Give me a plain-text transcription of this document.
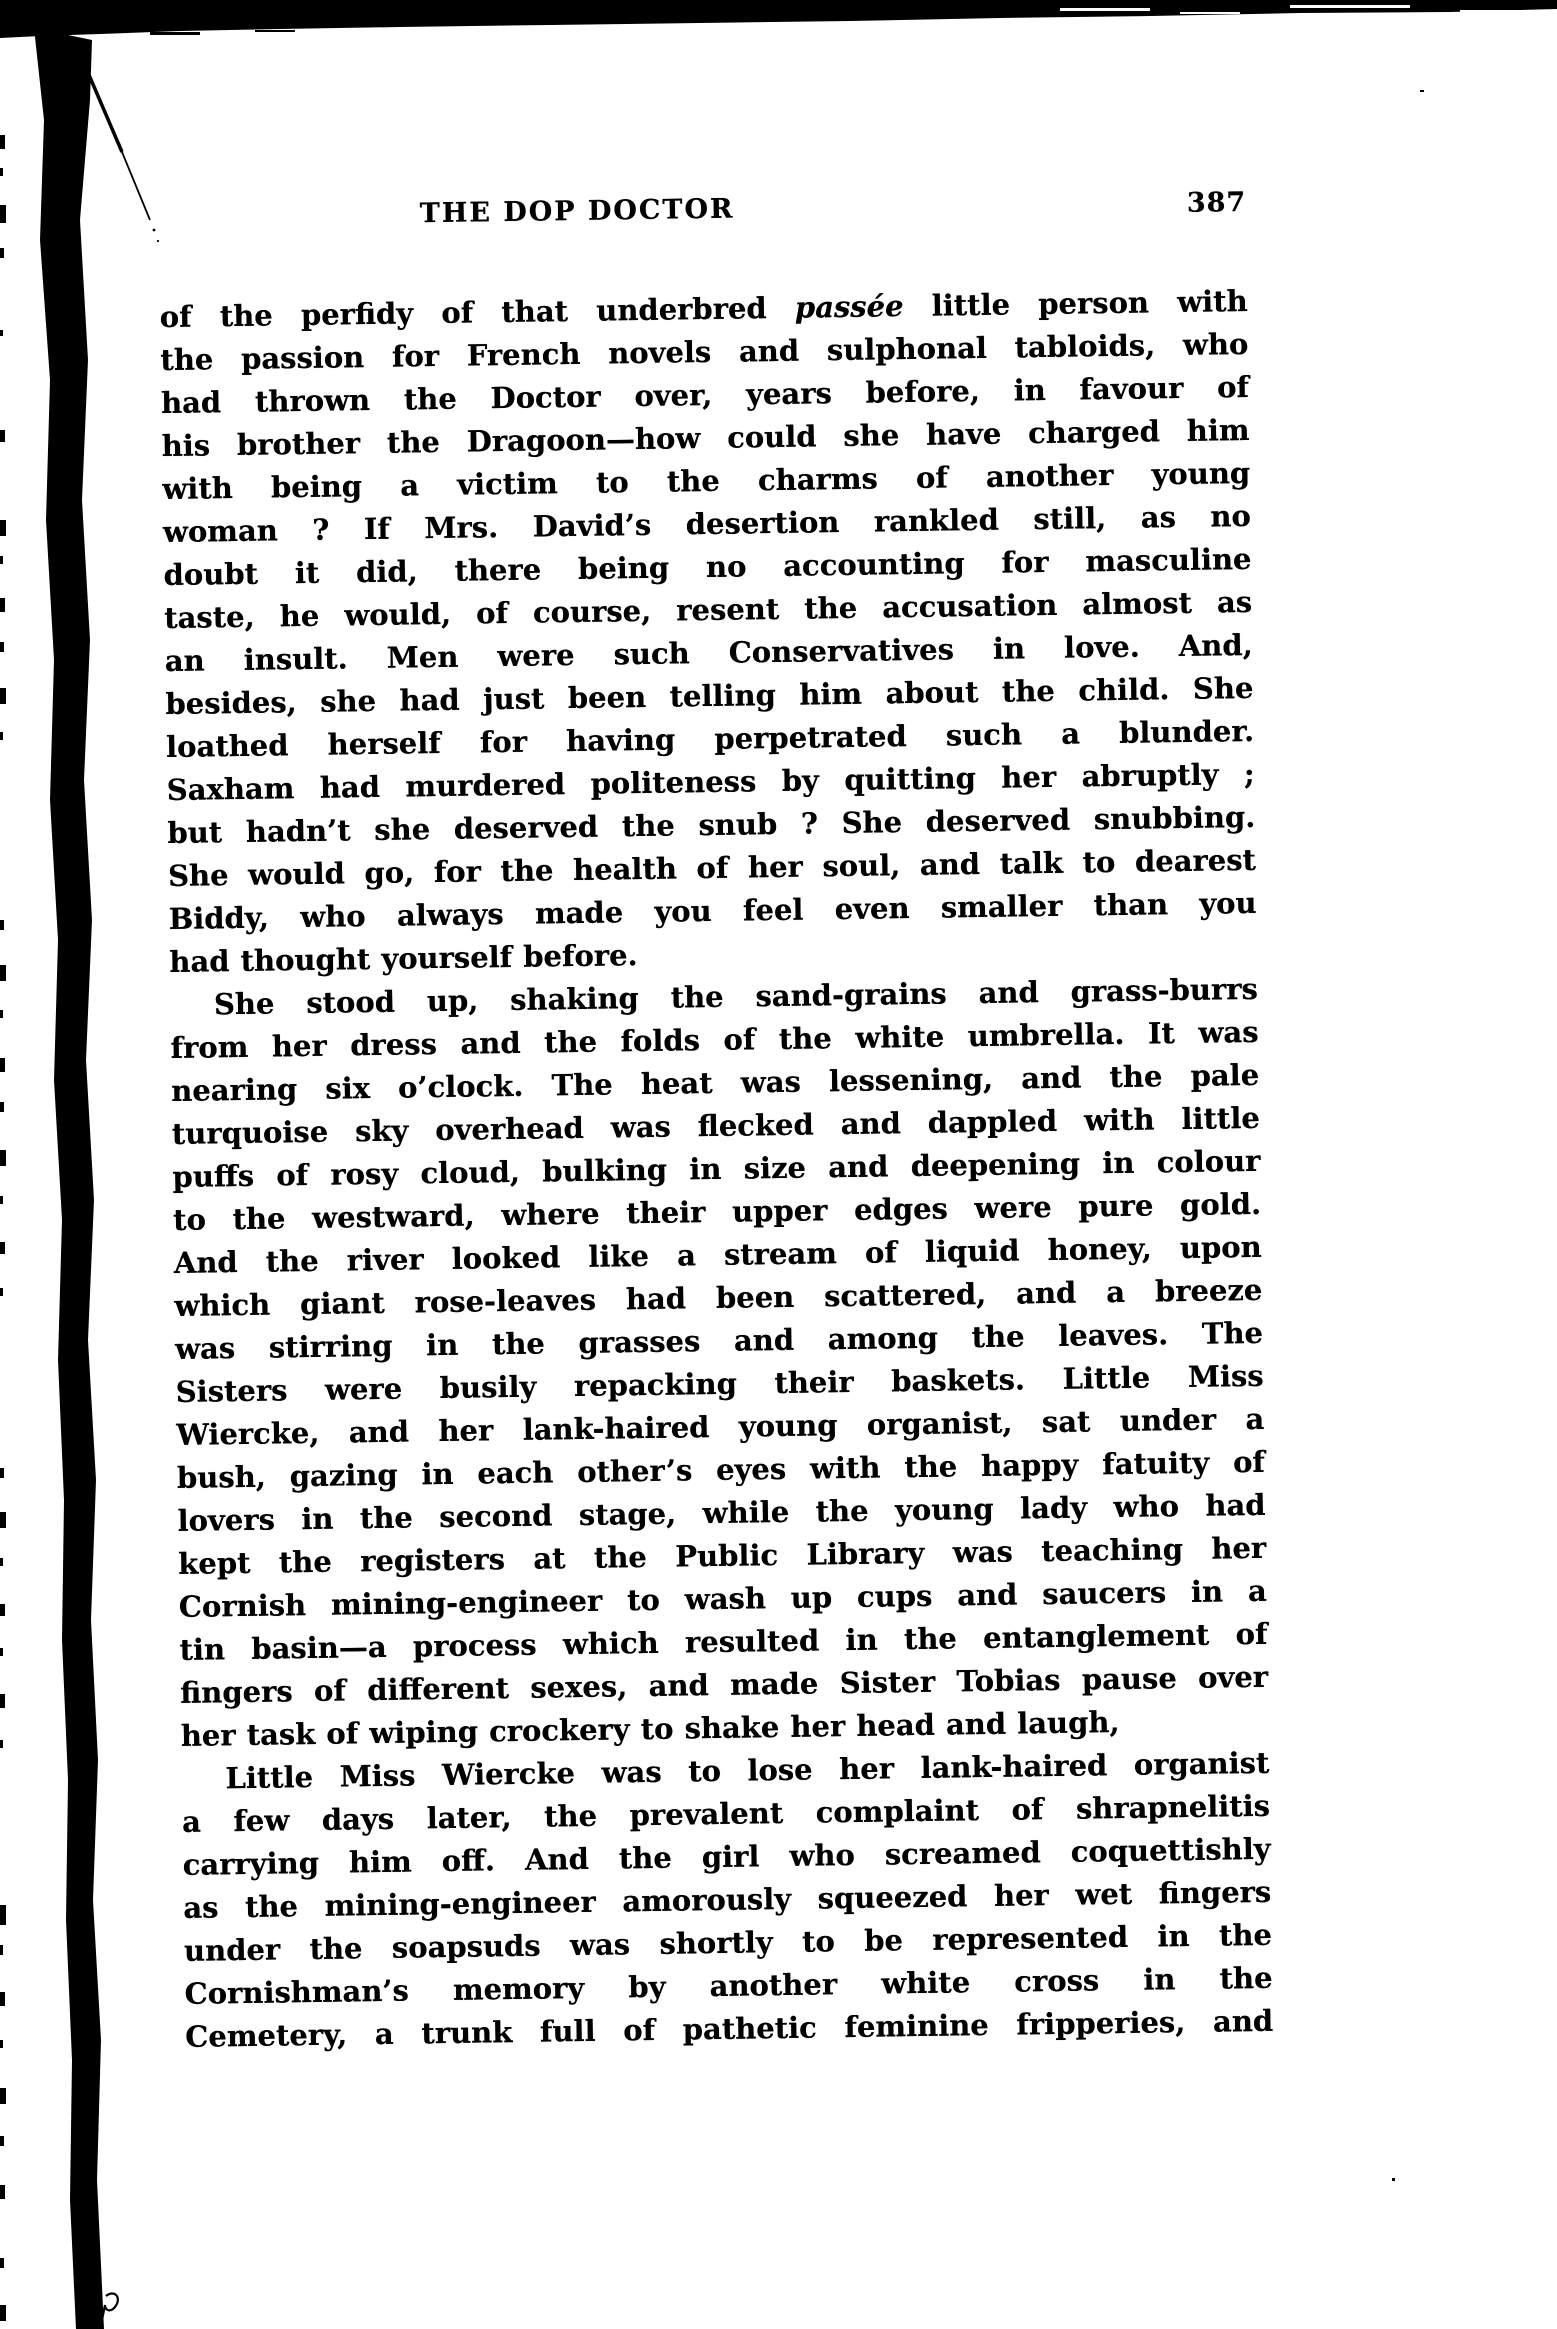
THE DOP DOCTOR	387
of the perfidy of that underbred passée little person with
the passion for French novels and sulphonal tabloids, who
had thrown the Doctor over, years before, in favour of
his brother the Dragoon—how could she have charged him
with being a victim to the charms of another young
woman ? If Mrs. David’s desertion rankled still, as no
doubt it did, there being no accounting for masculine
taste, he would, of course, resent the accusation almost as
an insult. Men were such Conservatives in love. And,
besides, she had just been telling him about the child. She
loathed herself for having perpetrated such a blunder.
Saxham had murdered politeness by quitting her abruptly ;
but hadn’t she deserved the snub ? She deserved snubbing.
She would go, for the health of her soul, and talk to dearest
Biddy, who always made you feel even smaller than you
had thought yourself before.
She stood up, shaking the sand-grains and grass-burrs
from her dress and the folds of the white umbrella. It was
nearing six o’clock. The heat was lessening, and the pale
turquoise sky overhead was flecked and dappled with little
puffs of rosy cloud, bulking in size and deepening in colour
to the westward, where their upper edges were pure gold.
And the river looked like a stream of liquid honey, upon
which giant rose-leaves had been scattered, and a breeze
was stirring in the grasses and among the leaves. The
Sisters were busily repacking their baskets. Little Miss
Wiercke, and her lank-haired young organist, sat under a
bush, gazing in each other’s eyes with the happy fatuity of
lovers in the second stage, while the young lady who had
kept the registers at the Public Library was teaching her
Cornish mining-engineer to wash up cups and saucers in a
tin basin—a process which resulted in the entanglement of
fingers of different sexes, and made Sister Tobias pause over
her task of wiping crockery to shake her head and laugh,
Little Miss Wiercke was to lose her lank-haired organist
a few days later, the prevalent complaint of shrapnelitis
carrying him off. And the girl who screamed coquettishly
as the mining-engineer amorously squeezed her wet fingers
under the soapsuds was shortly to be represented in the
Cornishman’s memory by another white cross in the
Cemetery, a trunk full of pathetic feminine fripperies, and
